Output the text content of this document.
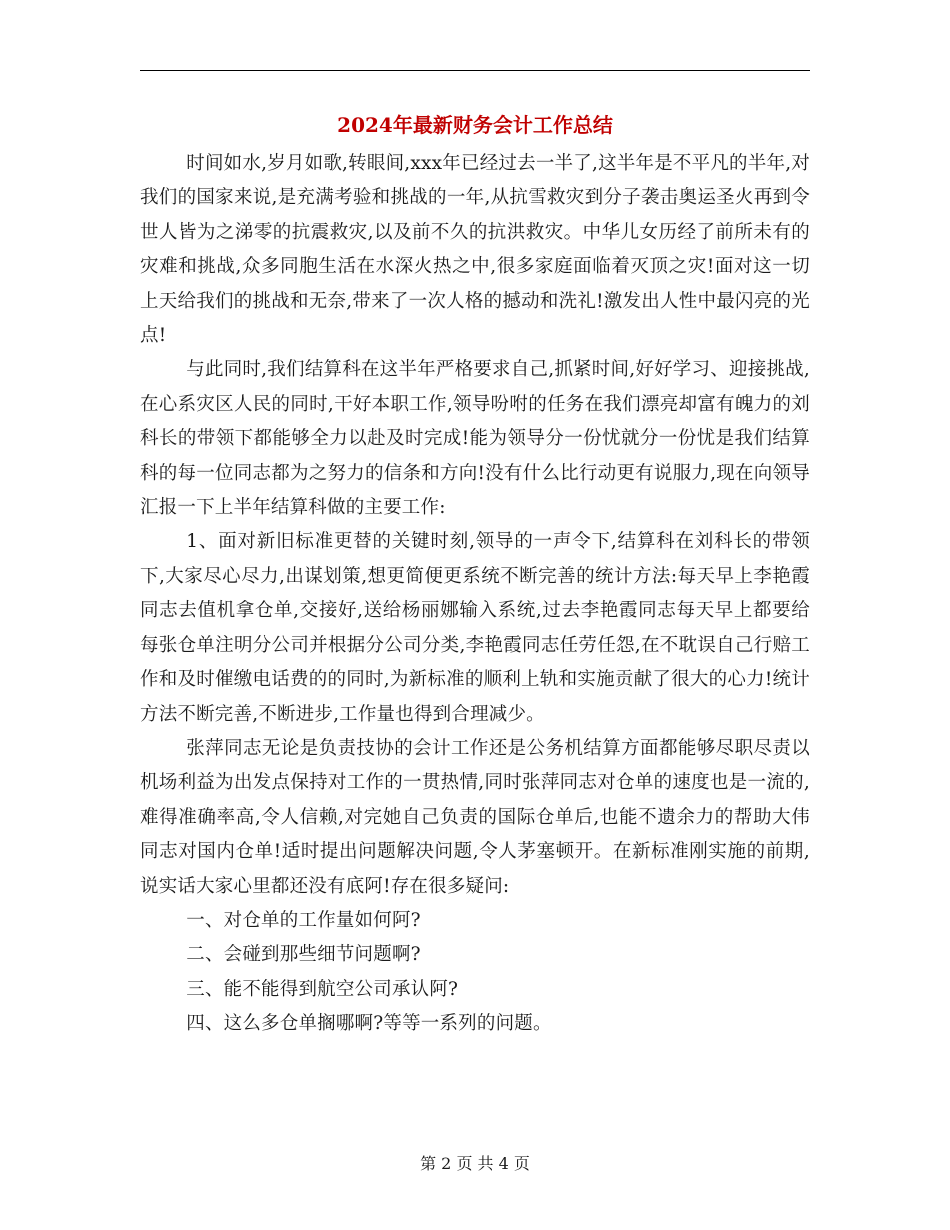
2024年最新财务会计工作总结

时间如水,岁月如歌,转眼间,xxx年已经过去一半了,这半年是不平凡的半年,对我们的国家来说,是充满考验和挑战的一年,从抗雪救灾到分子袭击奥运圣火再到令世人皆为之涕零的抗震救灾,以及前不久的抗洪救灾。中华儿女历经了前所未有的灾难和挑战,众多同胞生活在水深火热之中,很多家庭面临着灭顶之灾!面对这一切上天给我们的挑战和无奈,带来了一次人格的撼动和洗礼!激发出人性中最闪亮的光点!

与此同时,我们结算科在这半年严格要求自己,抓紧时间,好好学习、迎接挑战,在心系灾区人民的同时,干好本职工作,领导吩咐的任务在我们漂亮却富有魄力的刘科长的带领下都能够全力以赴及时完成!能为领导分一份忧就分一份忧是我们结算科的每一位同志都为之努力的信条和方向!没有什么比行动更有说服力,现在向领导汇报一下上半年结算科做的主要工作:

1、面对新旧标准更替的关键时刻,领导的一声令下,结算科在刘科长的带领下,大家尽心尽力,出谋划策,想更简便更系统不断完善的统计方法:每天早上李艳霞同志去值机拿仓单,交接好,送给杨丽娜输入系统,过去李艳霞同志每天早上都要给每张仓单注明分公司并根据分公司分类,李艳霞同志任劳任怨,在不耽误自己行赔工作和及时催缴电话费的的同时,为新标准的顺利上轨和实施贡献了很大的心力!统计方法不断完善,不断进步,工作量也得到合理减少。

张萍同志无论是负责技协的会计工作还是公务机结算方面都能够尽职尽责以机场利益为出发点保持对工作的一贯热情,同时张萍同志对仓单的速度也是一流的,难得准确率高,令人信赖,对完她自己负责的国际仓单后,也能不遗余力的帮助大伟同志对国内仓单!适时提出问题解决问题,令人茅塞顿开。在新标准刚实施的前期,说实话大家心里都还没有底阿!存在很多疑问:

一、对仓单的工作量如何阿?

二、会碰到那些细节问题啊?

三、能不能得到航空公司承认阿?

四、这么多仓单搁哪啊?等等一系列的问题。

第 2 页 共 4 页
